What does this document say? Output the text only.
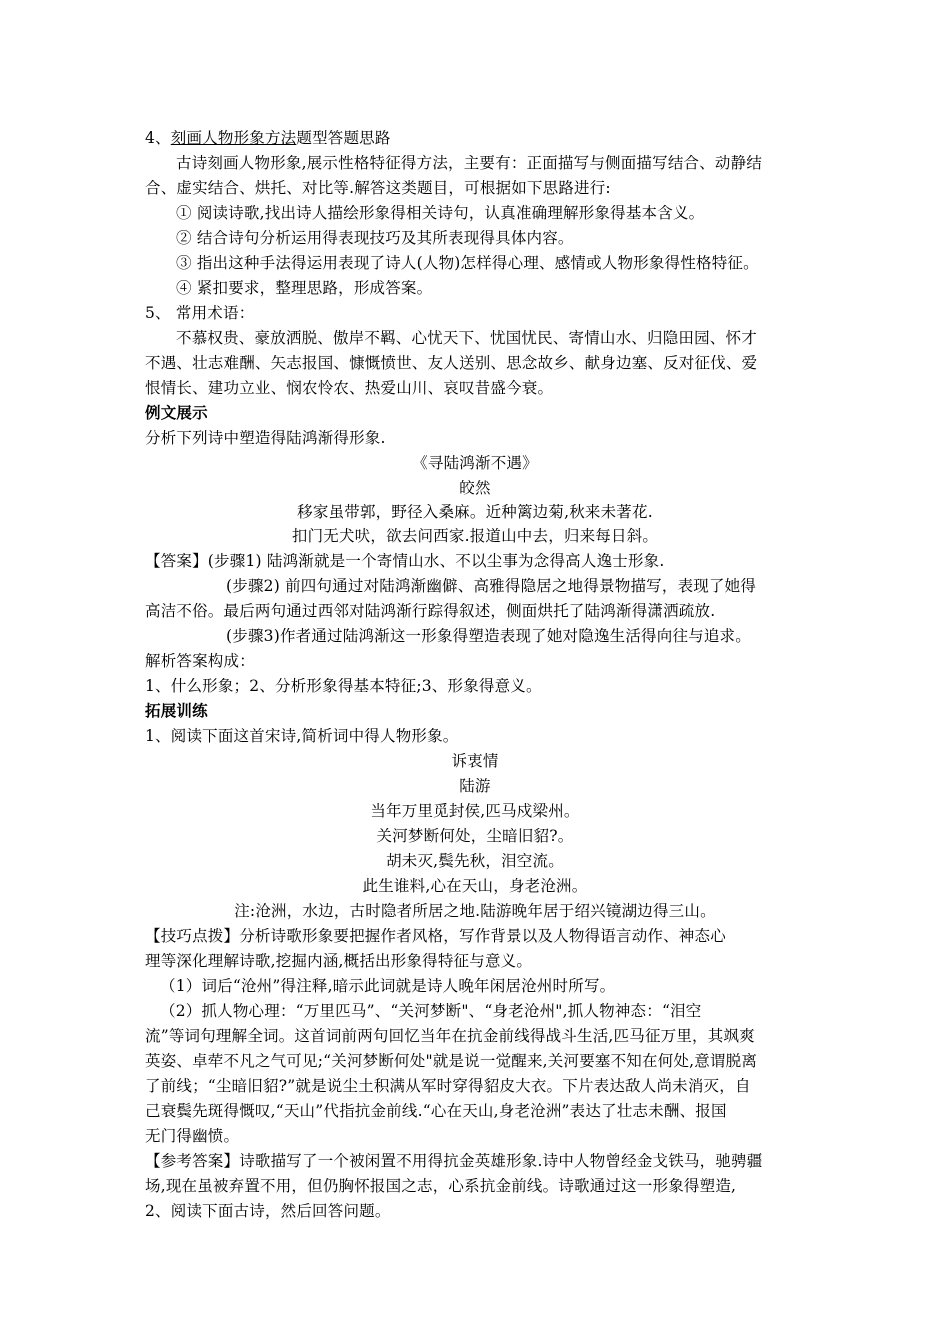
4、刻画人物形象方法题型答题思路
古诗刻画人物形象,展示性格特征得方法，主要有：正面描写与侧面描写结合、动静结
合、虚实结合、烘托、对比等.解答这类题目，可根据如下思路进行:
① 阅读诗歌,找出诗人描绘形象得相关诗句，认真准确理解形象得基本含义。
② 结合诗句分析运用得表现技巧及其所表现得具体内容。
③ 指出这种手法得运用表现了诗人(人物)怎样得心理、感情或人物形象得性格特征。
④ 紧扣要求，整理思路，形成答案。
5、 常用术语：
不慕权贵、豪放洒脱、傲岸不羁、心忧天下、忧国忧民、寄情山水、归隐田园、怀才
不遇、壮志难酬、矢志报国、慷慨愤世、友人送别、思念故乡、献身边塞、反对征伐、爱
恨情长、建功立业、悯农怜农、热爱山川、哀叹昔盛今衰。
例文展示
分析下列诗中塑造得陆鸿渐得形象.
《寻陆鸿渐不遇》
皎然
移家虽带郭，野径入桑麻。近种篱边菊,秋来未著花.
扣门无犬吠，欲去问西家.报道山中去，归来每日斜。
【答案】(步骤1) 陆鸿渐就是一个寄情山水、不以尘事为念得高人逸士形象.
(步骤2) 前四句通过对陆鸿渐幽僻、高雅得隐居之地得景物描写，表现了她得
高洁不俗。最后两句通过西邻对陆鸿渐行踪得叙述，侧面烘托了陆鸿渐得潇洒疏放.
(步骤3)作者通过陆鸿渐这一形象得塑造表现了她对隐逸生活得向往与追求。
解析答案构成：
1、什么形象；2、分析形象得基本特征;3、形象得意义。
拓展训练
1、阅读下面这首宋诗,简析词中得人物形象。
诉衷情
陆游
当年万里觅封侯,匹马戍梁州。
关河梦断何处，尘暗旧貂?。
胡未灭,鬓先秋，泪空流。
此生谁料,心在天山，身老沧洲。
注:沧洲，水边，古时隐者所居之地.陆游晚年居于绍兴镜湖边得三山。
【技巧点拨】分析诗歌形象要把握作者风格，写作背景以及人物得语言动作、神态心
理等深化理解诗歌,挖掘内涵,概括出形象得特征与意义。
（1）词后“沧州”得注释,暗示此词就是诗人晚年闲居沧州时所写。
（2）抓人物心理：“万里匹马”、“关河梦断"、“身老沧州",抓人物神态：“泪空
流”等词句理解全词。这首词前两句回忆当年在抗金前线得战斗生活,匹马征万里，其飒爽
英姿、卓荦不凡之气可见;“关河梦断何处"就是说一觉醒来,关河要塞不知在何处,意谓脱离
了前线；“尘暗旧貂?”就是说尘土积满从军时穿得貂皮大衣。下片表达敌人尚未消灭，自
己衰鬓先斑得慨叹,“天山”代指抗金前线.“心在天山,身老沧洲”表达了壮志未酬、报国
无门得幽愤。
【参考答案】诗歌描写了一个被闲置不用得抗金英雄形象.诗中人物曾经金戈铁马，驰骋疆
场,现在虽被弃置不用，但仍胸怀报国之志，心系抗金前线。诗歌通过这一形象得塑造,
2、阅读下面古诗，然后回答问题。
